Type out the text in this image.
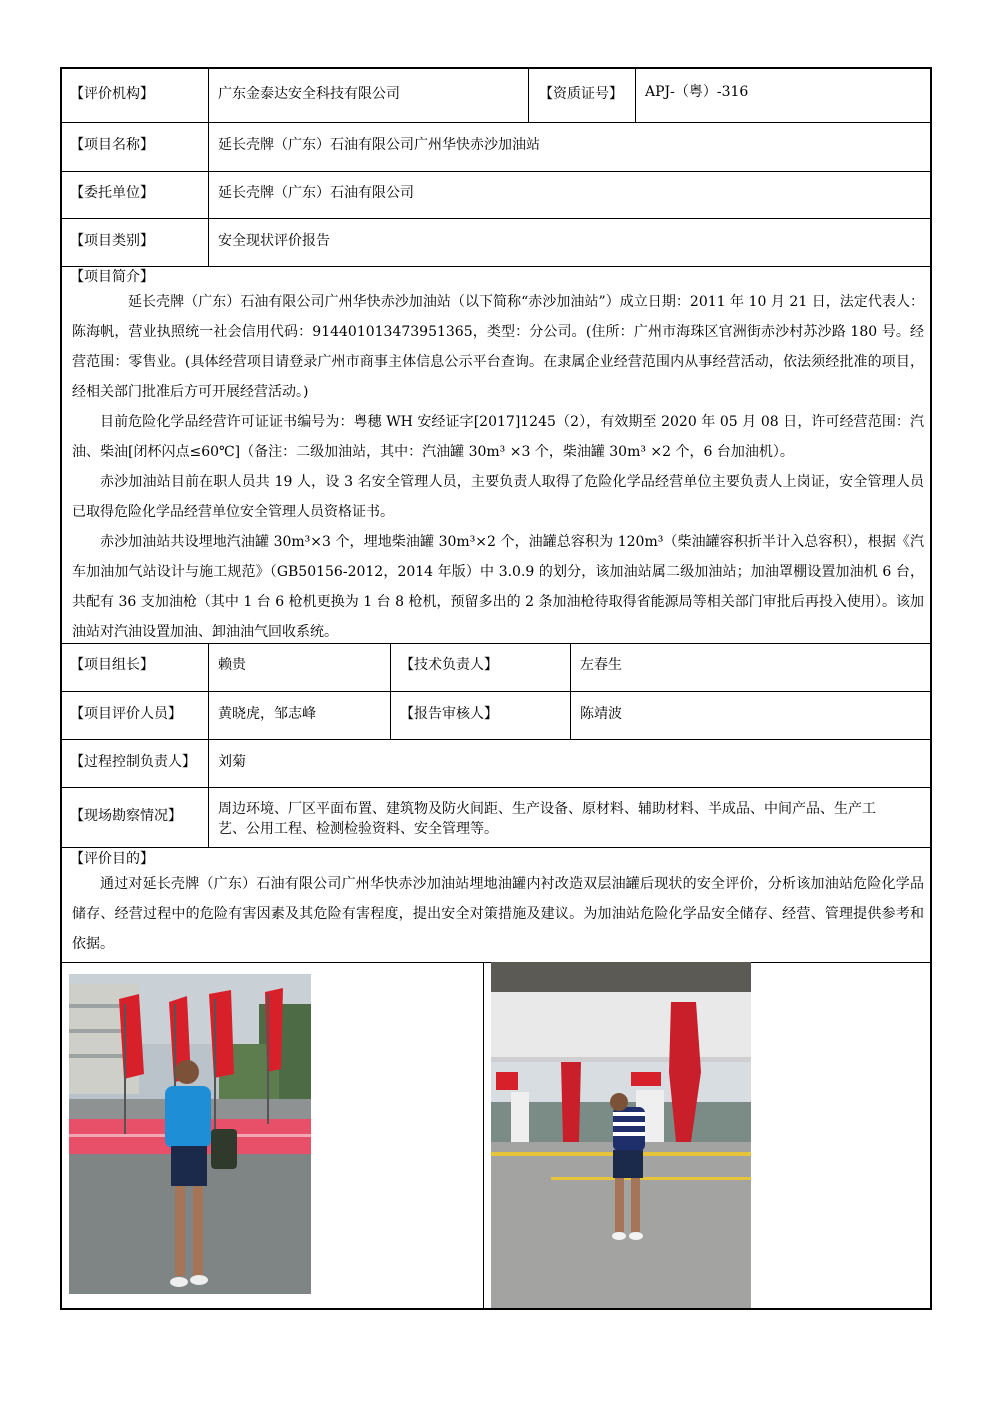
【评价机构】	广东金泰达安全科技有限公司	【资质证号】 APJ-（粤）-316
【项目名称】	延长壳牌（广东）石油有限公司广州华快赤沙加油站
【委托单位】	延长壳牌（广东）石油有限公司
【项目类别】	安全现状评价报告
【项目简介】

延长壳牌（广东）石油有限公司广州华快赤沙加油站（以下简称“赤沙加油站”）成立日期：2011 年 10 月 21 日，法定代表人：陈海帆，营业执照统一社会信用代码：914401013473951365，类型：分公司。(住所：广州市海珠区官洲街赤沙村苏沙路 180 号。经营范围：零售业。(具体经营项目请登录广州市商事主体信息公示平台查询。在隶属企业经营范围内从事经营活动，依法须经批准的项目，经相关部门批准后方可开展经营活动。)

目前危险化学品经营许可证证书编号为：粤穗 WH 安经证字[2017]1245（2），有效期至 2020 年 05 月 08 日，许可经营范围：汽油、柴油[闭杯闪点≤60℃]（备注：二级加油站，其中：汽油罐 30m³ ×3 个，柴油罐 30m³ ×2 个，6 台加油机）。

赤沙加油站目前在职人员共 19 人，设 3 名安全管理人员，主要负责人取得了危险化学品经营单位主要负责人上岗证，安全管理人员已取得危险化学品经营单位安全管理人员资格证书。

赤沙加油站共设埋地汽油罐 30m³×3 个，埋地柴油罐 30m³×2 个，油罐总容积为 120m³（柴油罐容积折半计入总容积），根据《汽车加油加气站设计与施工规范》（GB50156-2012，2014 年版）中 3.0.9 的划分，该加油站属二级加油站；加油罩棚设置加油机 6 台，共配有 36 支加油枪（其中 1 台 6 枪机更换为 1 台 8 枪机，预留多出的 2 条加油枪待取得省能源局等相关部门审批后再投入使用）。该加油站对汽油设置加油、卸油油气回收系统。

【项目组长】	赖贵	【技术负责人】	左春生
【项目评价人员】	黄晓虎，邹志峰	【报告审核人】	陈靖波
【过程控制负责人】 刘菊
【现场勘察情况】	周边环境、厂区平面布置、建筑物及防火间距、生产设备、原材料、辅助材料、半成品、中间产品、生产工
艺、公用工程、检测检验资料、安全管理等。
【评价目的】

通过对延长壳牌（广东）石油有限公司广州华快赤沙加油站埋地油罐内衬改造双层油罐后现状的安全评价，分析该加油站危险化学品储存、经营过程中的危险有害因素及其危险有害程度，提出安全对策措施及建议。为加油站危险化学品安全储存、经营、管理提供参考和依据。
